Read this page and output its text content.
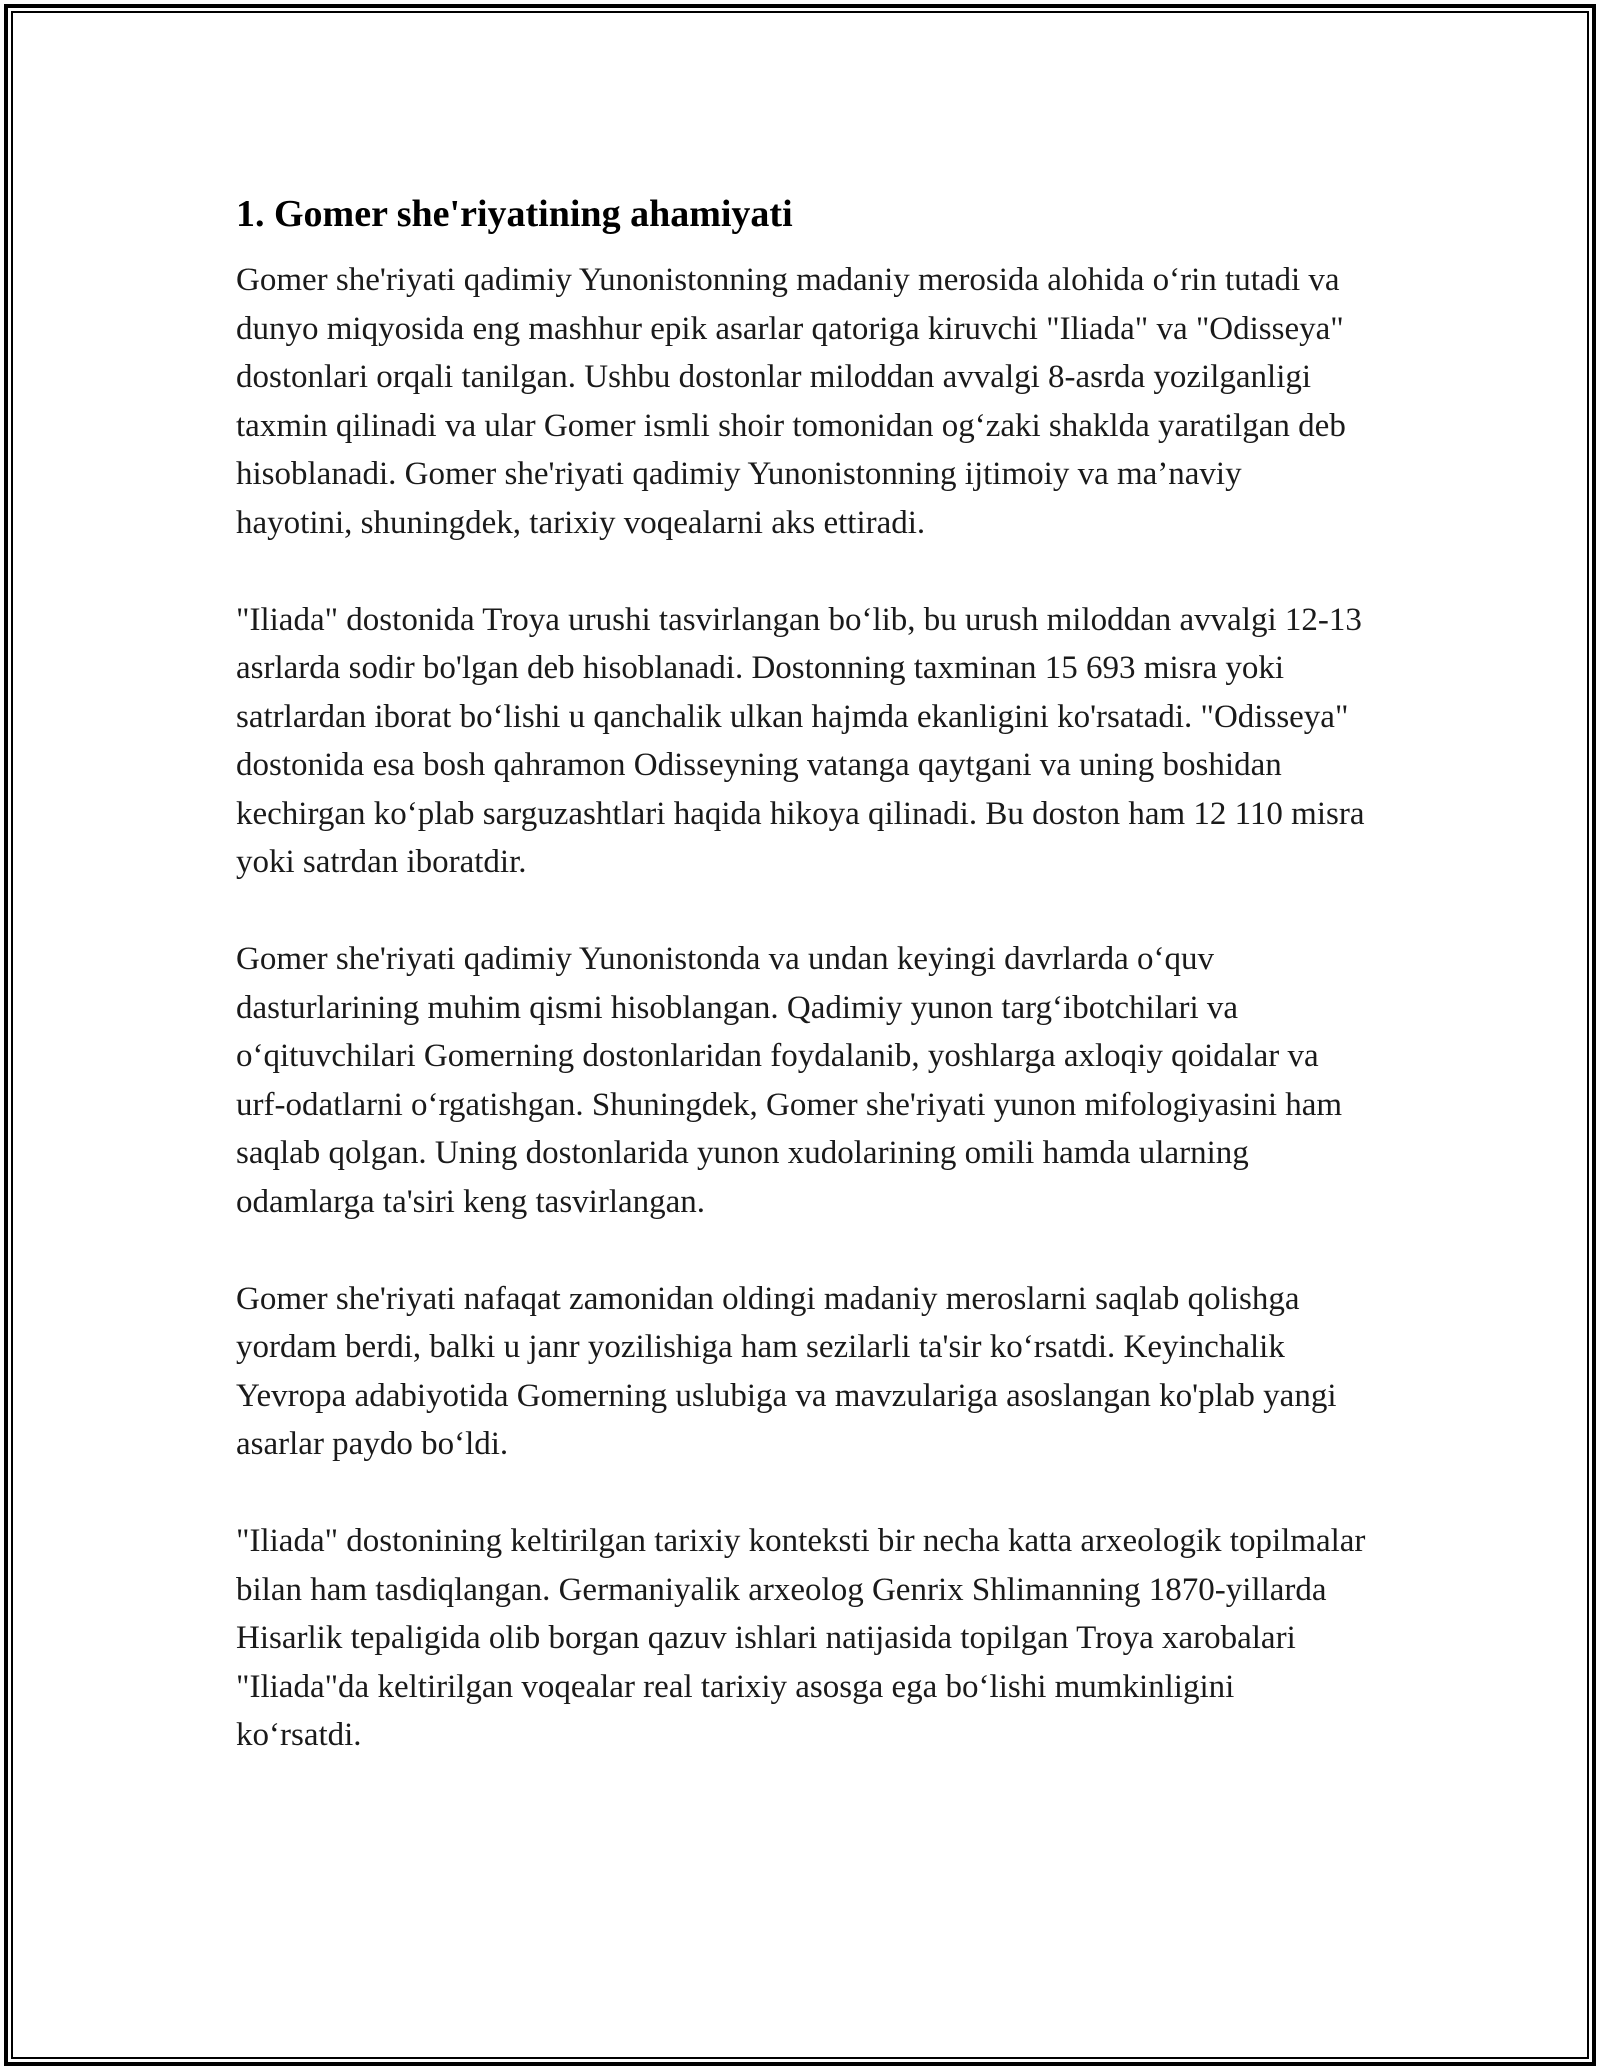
1. Gomer she'riyatining ahamiyati

Gomer she'riyati qadimiy Yunonistonning madaniy merosida alohida o‘rin tutadi va dunyo miqyosida eng mashhur epik asarlar qatoriga kiruvchi "Iliada" va "Odisseya" dostonlari orqali tanilgan. Ushbu dostonlar miloddan avvalgi 8-asrda yozilganligi taxmin qilinadi va ular Gomer ismli shoir tomonidan og‘zaki shaklda yaratilgan deb hisoblanadi. Gomer she'riyati qadimiy Yunonistonning ijtimoiy va ma’naviy hayotini, shuningdek, tarixiy voqealarni aks ettiradi.

"Iliada" dostonida Troya urushi tasvirlangan bo‘lib, bu urush miloddan avvalgi 12-13 asrlarda sodir bo'lgan deb hisoblanadi. Dostonning taxminan 15 693 misra yoki satrlardan iborat bo‘lishi u qanchalik ulkan hajmda ekanligini ko'rsatadi. "Odisseya" dostonida esa bosh qahramon Odisseyning vatanga qaytgani va uning boshidan kechirgan ko‘plab sarguzashtlari haqida hikoya qilinadi. Bu doston ham 12 110 misra yoki satrdan iboratdir.

Gomer she'riyati qadimiy Yunonistonda va undan keyingi davrlarda o‘quv dasturlarining muhim qismi hisoblangan. Qadimiy yunon targ‘ibotchilari va o‘qituvchilari Gomerning dostonlaridan foydalanib, yoshlarga axloqiy qoidalar va urf-odatlarni o‘rgatishgan. Shuningdek, Gomer she'riyati yunon mifologiyasini ham saqlab qolgan. Uning dostonlarida yunon xudolarining omili hamda ularning odamlarga ta'siri keng tasvirlangan.

Gomer she'riyati nafaqat zamonidan oldingi madaniy meroslarni saqlab qolishga yordam berdi, balki u janr yozilishiga ham sezilarli ta'sir ko‘rsatdi. Keyinchalik Yevropa adabiyotida Gomerning uslubiga va mavzulariga asoslangan ko'plab yangi asarlar paydo bo‘ldi.

"Iliada" dostonining keltirilgan tarixiy konteksti bir necha katta arxeologik topilmalar bilan ham tasdiqlangan. Germaniyalik arxeolog Genrix Shlimanning 1870-yillarda Hisarlik tepaligida olib borgan qazuv ishlari natijasida topilgan Troya xarobalari "Iliada"da keltirilgan voqealar real tarixiy asosga ega bo‘lishi mumkinligini ko‘rsatdi.
